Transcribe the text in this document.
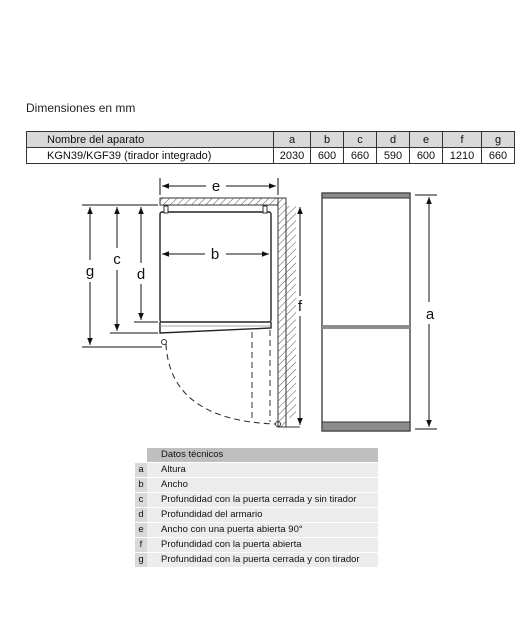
Dimensiones en mm
Nombre del aparato	a	b	c	d	e	f	g
KGN39/KGF39 (tirador integrado)	2030	600	660	590	600	1210	660
e
b
g
c
d
f	a
Datos técnicos
a	Altura
b	Ancho
c	Profundidad con la puerta cerrada y sin tirador
d	Profundidad del armario
e	Ancho con una puerta abierta 90°
f	Profundidad con la puerta abierta
g	Profundidad con la puerta cerrada y con tirador
